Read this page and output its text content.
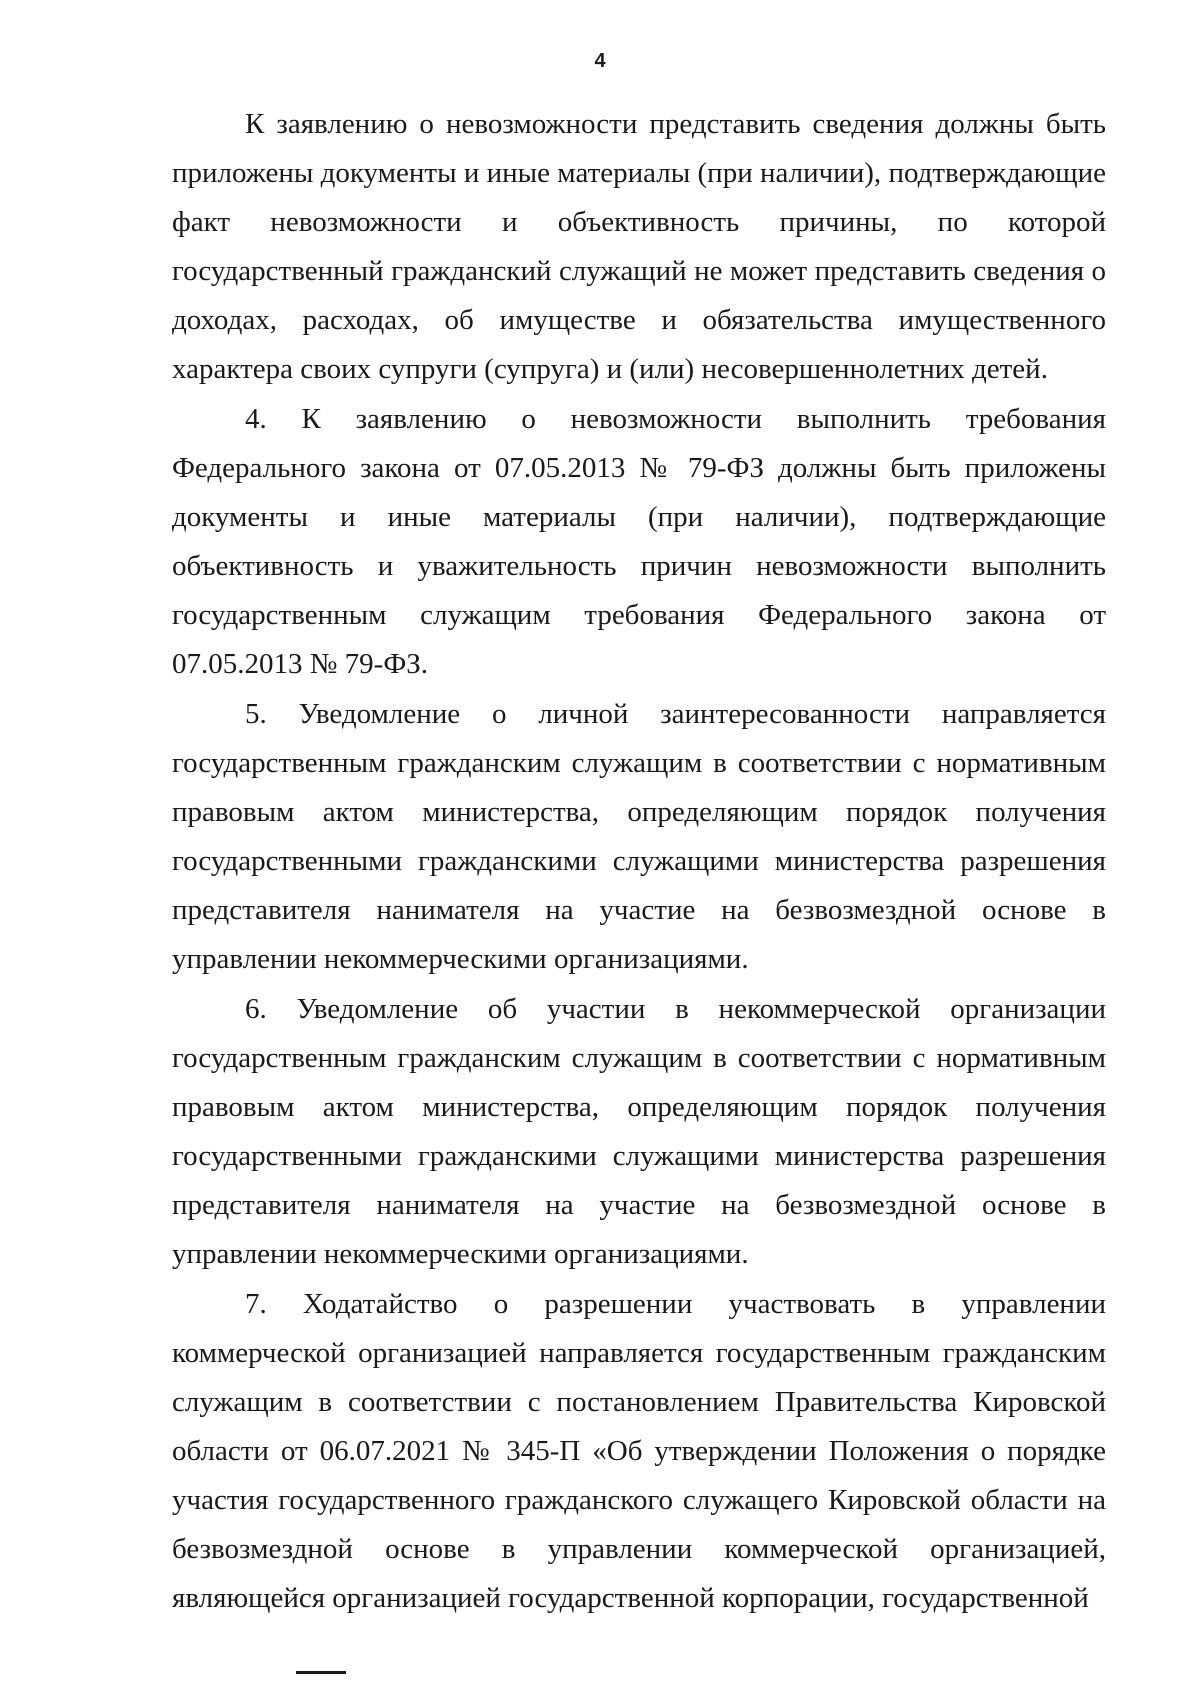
4

К заявлению о невозможности представить сведения должны быть приложены документы и иные материалы (при наличии), подтверждающие факт невозможности и объективность причины, по которой государственный гражданский служащий не может представить сведения о доходах, расходах, об имуществе и обязательства имущественного характера своих супруги (супруга) и (или) несовершеннолетних детей.

4. К заявлению о невозможности выполнить требования Федерального закона от 07.05.2013 № 79-ФЗ должны быть приложены документы и иные материалы (при наличии), подтверждающие объективность и уважительность причин невозможности выполнить государственным служащим требования Федерального закона от 07.05.2013 № 79-ФЗ.

5. Уведомление о личной заинтересованности направляется государственным гражданским служащим в соответствии с нормативным правовым актом министерства, определяющим порядок получения государственными гражданскими служащими министерства разрешения представителя нанимателя на участие на безвозмездной основе в управлении некоммерческими организациями.

6. Уведомление об участии в некоммерческой организации государственным гражданским служащим в соответствии с нормативным правовым актом министерства, определяющим порядок получения государственными гражданскими служащими министерства разрешения представителя нанимателя на участие на безвозмездной основе в управлении некоммерческими организациями.

7. Ходатайство о разрешении участвовать в управлении коммерческой организацией направляется государственным гражданским служащим в соответствии с постановлением Правительства Кировской области от 06.07.2021 № 345-П «Об утверждении Положения о порядке участия государственного гражданского служащего Кировской области на безвозмездной основе в управлении коммерческой организацией, являющейся организацией государственной корпорации, государственной
